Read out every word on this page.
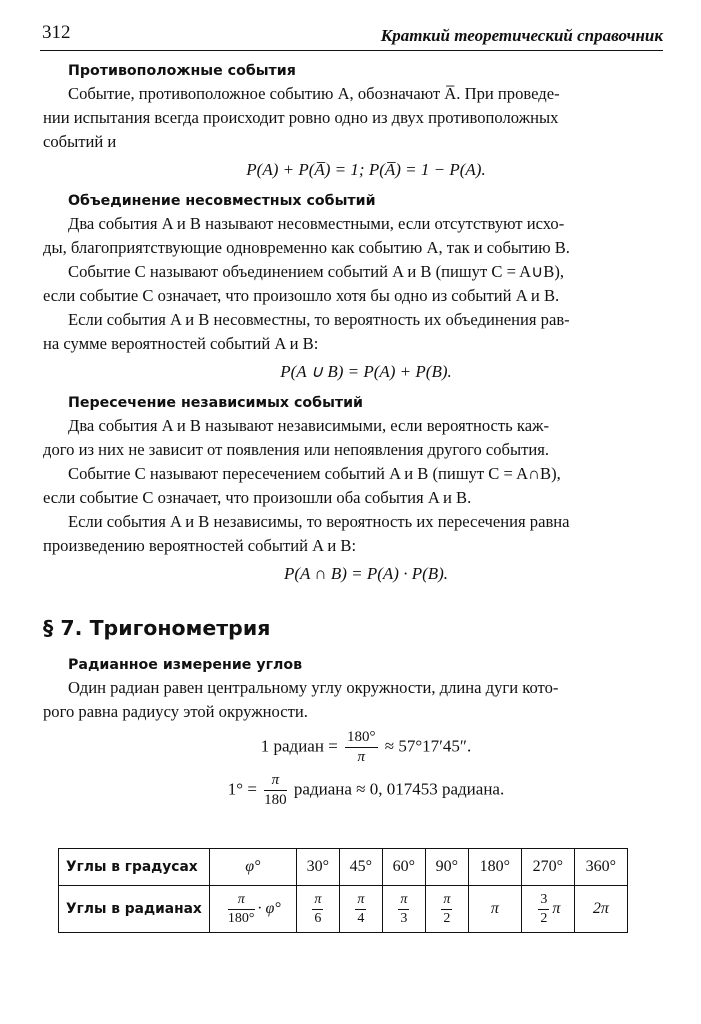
312	Краткий теоретический справочник

Противоположные события

Событие, противоположное событию A, обозначают A̅. При проведе-
нии испытания всегда происходит ровно одно из двух противоположных
событий и

P(A) + P(A̅) = 1; P(A̅) = 1 − P(A).

Объединение несовместных событий

Два события A и B называют несовместными, если отсутствуют исхо-
ды, благоприятствующие одновременно как событию A, так и событию B.

Событие C называют объединением событий A и B (пишут C = A∪B),
если событие C означает, что произошло хотя бы одно из событий A и B.

Если события A и B несовместны, то вероятность их объединения рав-
на сумме вероятностей событий A и B:

P(A ∪ B) = P(A) + P(B).

Пересечение независимых событий

Два события A и B называют независимыми, если вероятность каж-
дого из них не зависит от появления или непоявления другого события.

Событие C называют пересечением событий A и B (пишут C = A∩B),
если событие C означает, что произошли оба события A и B.

Если события A и B независимы, то вероятность их пересечения равна
произведению вероятностей событий A и B:

P(A ∩ B) = P(A) · P(B).
§ 7. Тригонометрия

Радианное измерение углов

Один радиан равен центральному углу окружности, длина дуги кото-
рого равна радиусу этой окружности.

1 радиан = $\frac{180^\circ}{\pi} \approx 57^\circ 17'45''$.
$1^\circ = \frac{\pi}{180}$ радиана ≈ 0, 017453 радиана.
Углы в градусах	φ°	30°	45°	60°	90°	180°	270°	360°
Углы в радианах	$\frac{\pi}{180^\circ} \cdot \varphi^\circ$	$\frac{\pi}{6}$	$\frac{\pi}{4}$	$\frac{\pi}{3}$	$\frac{\pi}{2}$	π	$\frac{3}{2}$ π	2π
